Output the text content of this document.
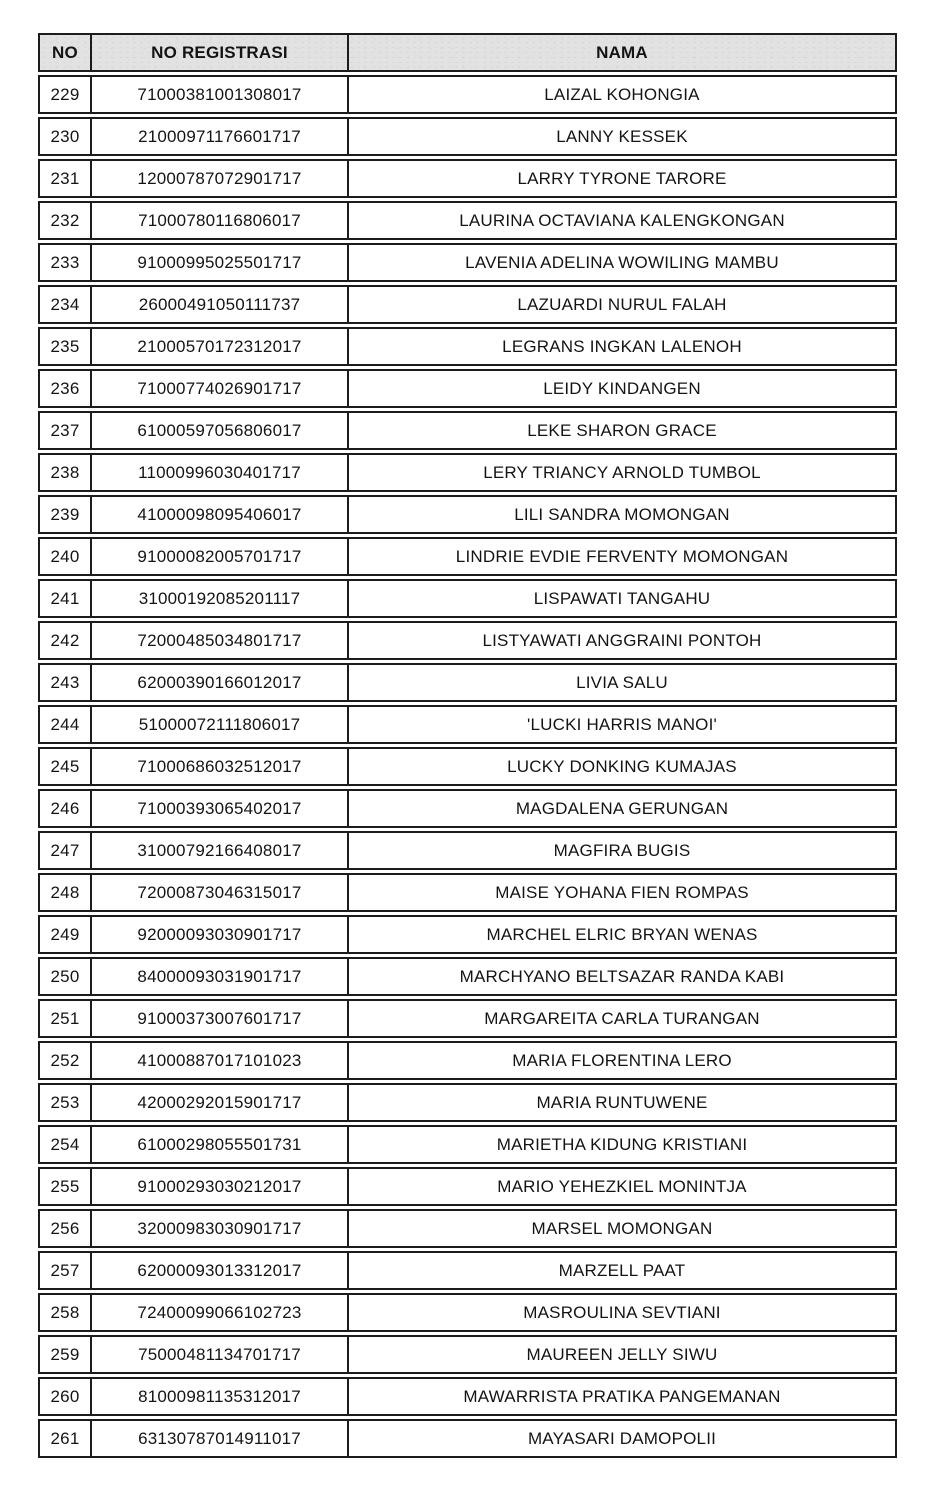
NO	NO REGISTRASI	NAMA
229	71000381001308017	LAIZAL KOHONGIA
230	21000971176601717	LANNY KESSEK
231	12000787072901717	LARRY TYRONE TARORE
232	71000780116806017	LAURINA OCTAVIANA KALENGKONGAN
233	91000995025501717	LAVENIA ADELINA WOWILING MAMBU
234	26000491050111737	LAZUARDI NURUL FALAH
235	21000570172312017	LEGRANS INGKAN LALENOH
236	71000774026901717	LEIDY KINDANGEN
237	61000597056806017	LEKE SHARON GRACE
238	11000996030401717	LERY TRIANCY ARNOLD TUMBOL
239	41000098095406017	LILI SANDRA MOMONGAN
240	91000082005701717	LINDRIE EVDIE FERVENTY MOMONGAN
241	31000192085201117	LISPAWATI TANGAHU
242	72000485034801717	LISTYAWATI ANGGRAINI PONTOH
243	62000390166012017	LIVIA SALU
244	51000072111806017	'LUCKI HARRIS MANOI'
245	71000686032512017	LUCKY DONKING KUMAJAS
246	71000393065402017	MAGDALENA GERUNGAN
247	31000792166408017	MAGFIRA BUGIS
248	72000873046315017	MAISE YOHANA FIEN ROMPAS
249	92000093030901717	MARCHEL ELRIC BRYAN WENAS
250	84000093031901717	MARCHYANO BELTSAZAR RANDA KABI
251	91000373007601717	MARGAREITA CARLA TURANGAN
252	41000887017101023	MARIA FLORENTINA LERO
253	42000292015901717	MARIA RUNTUWENE
254	61000298055501731	MARIETHA KIDUNG KRISTIANI
255	91000293030212017	MARIO YEHEZKIEL MONINTJA
256	32000983030901717	MARSEL MOMONGAN
257	62000093013312017	MARZELL PAAT
258	72400099066102723	MASROULINA SEVTIANI
259	75000481134701717	MAUREEN JELLY SIWU
260	81000981135312017	MAWARRISTA PRATIKA PANGEMANAN
261	63130787014911017	MAYASARI DAMOPOLII
